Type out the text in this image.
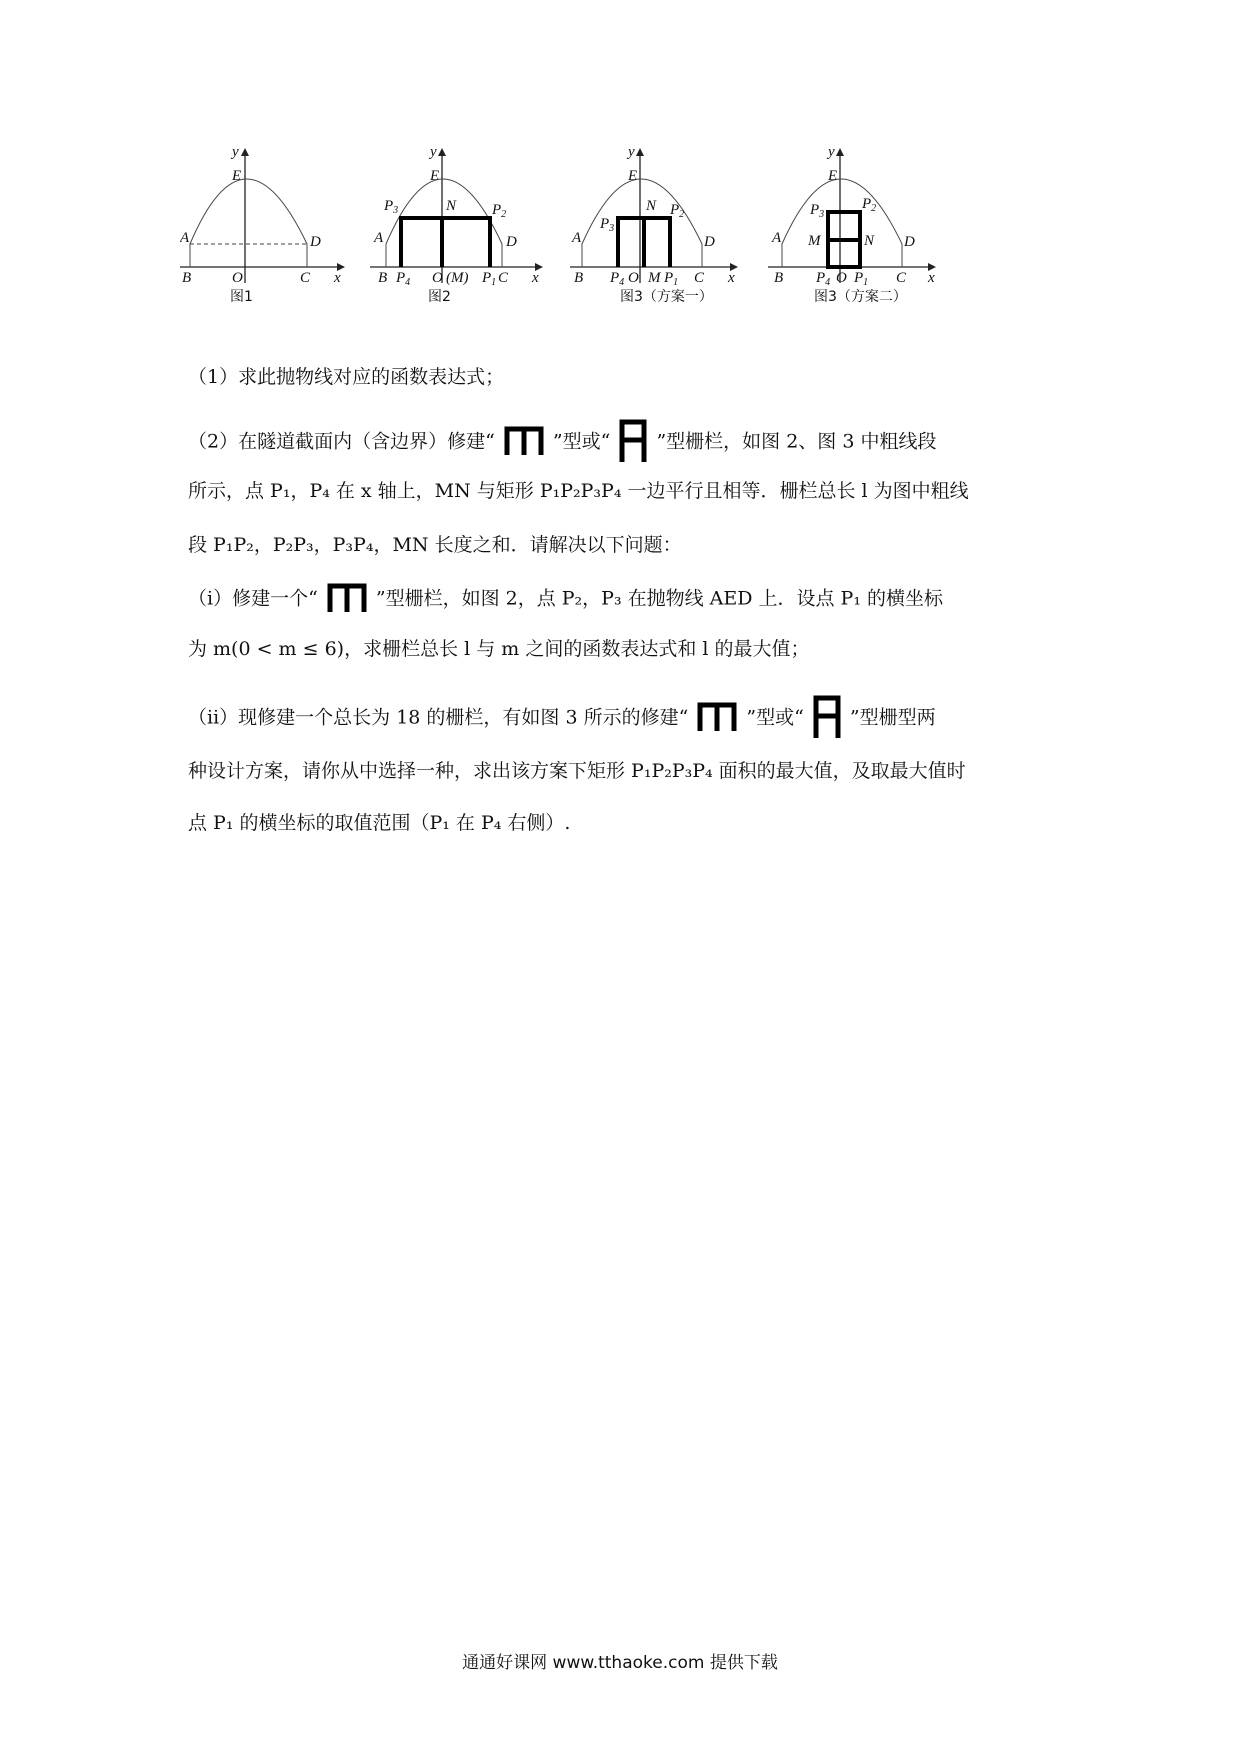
y
E
A	D
B	O	C x
图1
y
E
N
$P_3$	$P_2$
A	D
B $P_4$ O (M) $P_1$ C x
图2
y
E
N
$P_3$
$P_2$
A	D
B $P_4$ O M $P_1$ C x
图3（方案一）
y
E
$P_3$
$P_2$
M	N
A	D
B $P_4$ O $P_1$ C x
图3（方案二）
（1）求此抛物线对应的函数表达式；
（2）在隧道截面内（含边界）修建“	”型或“ ”型栅栏，如图 2、图 3 中粗线段
所示，点 P₁，P₄ 在 x 轴上，MN 与矩形 P₁P₂P₃P₄ 一边平行且相等．栅栏总长 l 为图中粗线
段 P₁P₂，P₂P₃，P₃P₄，MN 长度之和．请解决以下问题：
（ⅰ）修建一个“	”型栅栏，如图 2，点 P₂，P₃ 在抛物线 AED 上．设点 P₁ 的横坐标
为 m(0 < m ≤ 6)，求栅栏总长 l 与 m 之间的函数表达式和 l 的最大值；
（ⅱ）现修建一个总长为 18 的栅栏，有如图 3 所示的修建“	”型或“ ”型栅型两
种设计方案，请你从中选择一种，求出该方案下矩形 P₁P₂P₃P₄ 面积的最大值，及取最大值时
点 P₁ 的横坐标的取值范围（P₁ 在 P₄ 右侧）.
通通好课网 www.tthaoke.com 提供下载
